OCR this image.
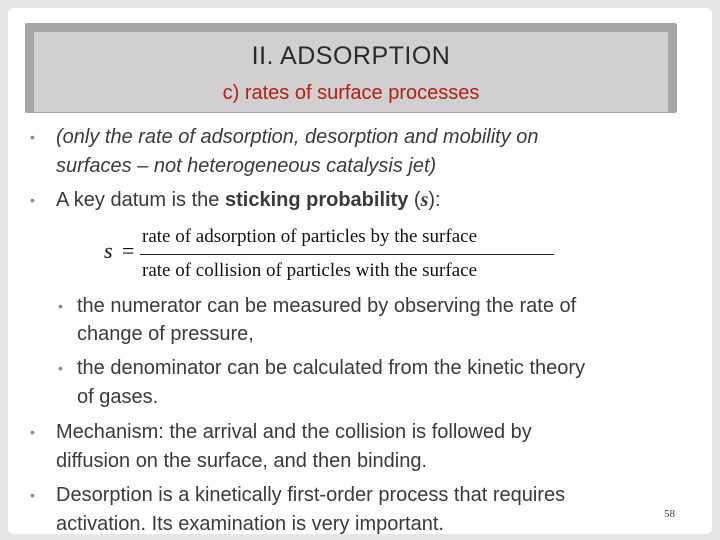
II. ADSORPTION
c) rates of surface processes
• (only the rate of adsorption, desorption and mobility on
surfaces – not heterogeneous catalysis jet)
• A key datum is the sticking probability (s):
s =
rate of adsorption of particles by the surface
rate of collision of particles with the surface
• the numerator can be measured by observing the rate of
change of pressure,
• the denominator can be calculated from the kinetic theory
of gases.
• Mechanism: the arrival and the collision is followed by
diffusion on the surface, and then binding.
• Desorption is a kinetically first-order process that requires
activation. Its examination is very important.	58
